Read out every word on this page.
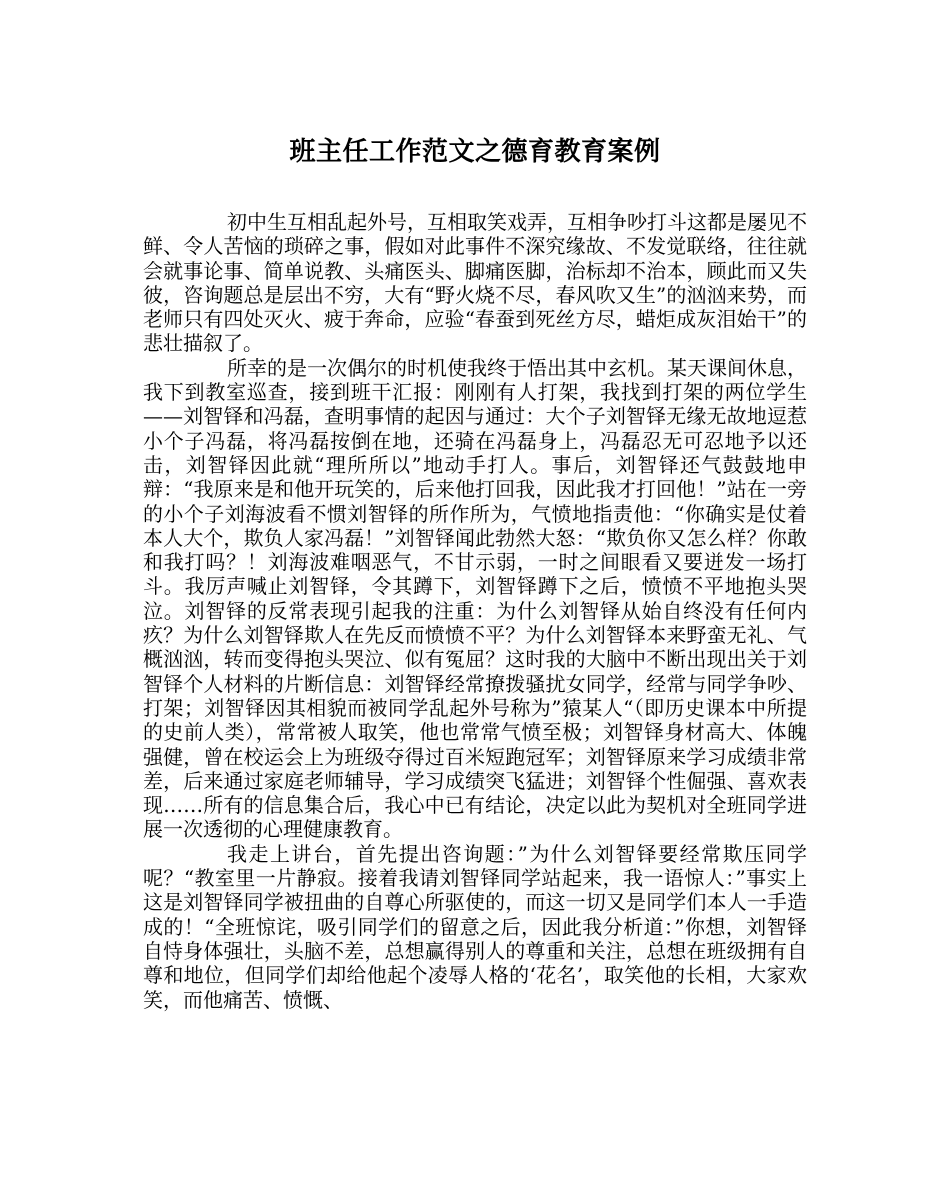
班主任工作范文之德育教育案例

初中生互相乱起外号，互相取笑戏弄，互相争吵打斗这都是屡见不鲜、令人苦恼的琐碎之事，假如对此事件不深究缘故、不发觉联络，往往就会就事论事、简单说教、头痛医头、脚痛医脚，治标却不治本，顾此而又失彼，咨询题总是层出不穷，大有“野火烧不尽，春风吹又生”的汹汹来势，而老师只有四处灭火、疲于奔命，应验“春蚕到死丝方尽，蜡炬成灰泪始干”的悲壮描叙了。

所幸的是一次偶尔的时机使我终于悟出其中玄机。某天课间休息，我下到教室巡查，接到班干汇报：刚刚有人打架，我找到打架的两位学生——刘智铎和冯磊，查明事情的起因与通过：大个子刘智铎无缘无故地逗惹小个子冯磊，将冯磊按倒在地，还骑在冯磊身上，冯磊忍无可忍地予以还击，刘智铎因此就“理所所以”地动手打人。事后，刘智铎还气鼓鼓地申辩：“我原来是和他开玩笑的，后来他打回我，因此我才打回他！”站在一旁的小个子刘海波看不惯刘智铎的所作所为，气愤地指责他：“你确实是仗着本人大个，欺负人家冯磊！”刘智铎闻此勃然大怒：“欺负你又怎么样？你敢和我打吗？！刘海波难咽恶气，不甘示弱，一时之间眼看又要迸发一场打斗。我厉声喊止刘智铎，令其蹲下，刘智铎蹲下之后，愤愤不平地抱头哭泣。刘智铎的反常表现引起我的注重：为什么刘智铎从始自终没有任何内疚？为什么刘智铎欺人在先反而愤愤不平？为什么刘智铎本来野蛮无礼、气概汹汹，转而变得抱头哭泣、似有冤屈？这时我的大脑中不断出现出关于刘智铎个人材料的片断信息：刘智铎经常撩拨骚扰女同学，经常与同学争吵、打架；刘智铎因其相貌而被同学乱起外号称为”猿某人“（即历史课本中所提的史前人类），常常被人取笑，他也常常气愤至极；刘智铎身材高大、体魄强健，曾在校运会上为班级夺得过百米短跑冠军；刘智铎原来学习成绩非常差，后来通过家庭老师辅导，学习成绩突飞猛进；刘智铎个性倔强、喜欢表现……所有的信息集合后，我心中已有结论，决定以此为契机对全班同学进展一次透彻的心理健康教育。

我走上讲台，首先提出咨询题：”为什么刘智铎要经常欺压同学呢？“教室里一片静寂。接着我请刘智铎同学站起来，我一语惊人：”事实上这是刘智铎同学被扭曲的自尊心所驱使的，而这一切又是同学们本人一手造成的！“全班惊诧，吸引同学们的留意之后，因此我分析道：”你想，刘智铎自恃身体强壮，头脑不差，总想赢得别人的尊重和关注，总想在班级拥有自尊和地位，但同学们却给他起个凌辱人格的‘花名’，取笑他的长相，大家欢笑，而他痛苦、愤慨、
